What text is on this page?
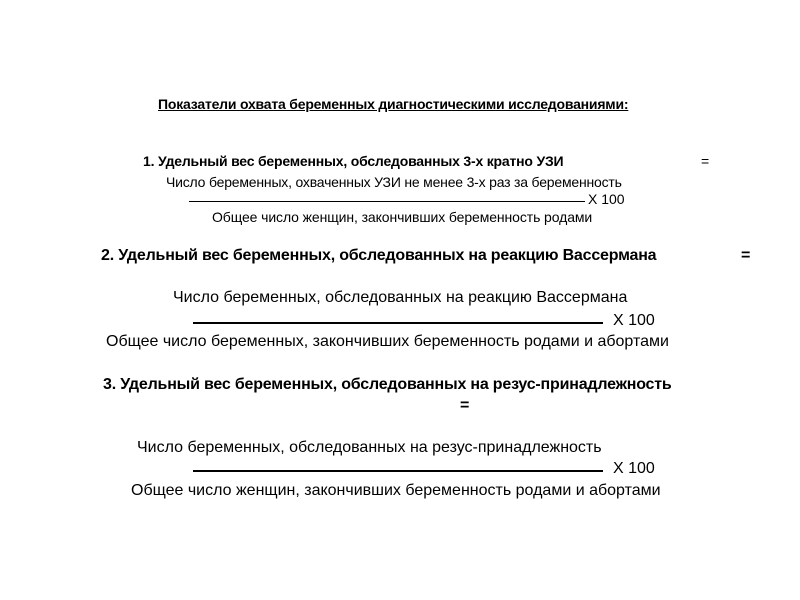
Показатели охвата беременных диагностическими исследованиями:
1. Удельный вес беременных, обследованных 3-х кратно УЗИ	=
Число беременных, охваченных УЗИ не менее 3-х раз за беременность
Х 100
Общее число женщин, закончивших беременность родами
2. Удельный вес беременных, обследованных на реакцию Вассермана	=
Число беременных, обследованных на реакцию Вассермана
Х 100
Общее число беременных, закончивших беременность родами и абортами
3. Удельный вес беременных, обследованных на резус-принадлежность
=
Число беременных, обследованных на резус-принадлежность
Х 100
Общее число женщин, закончивших беременность родами и абортами
